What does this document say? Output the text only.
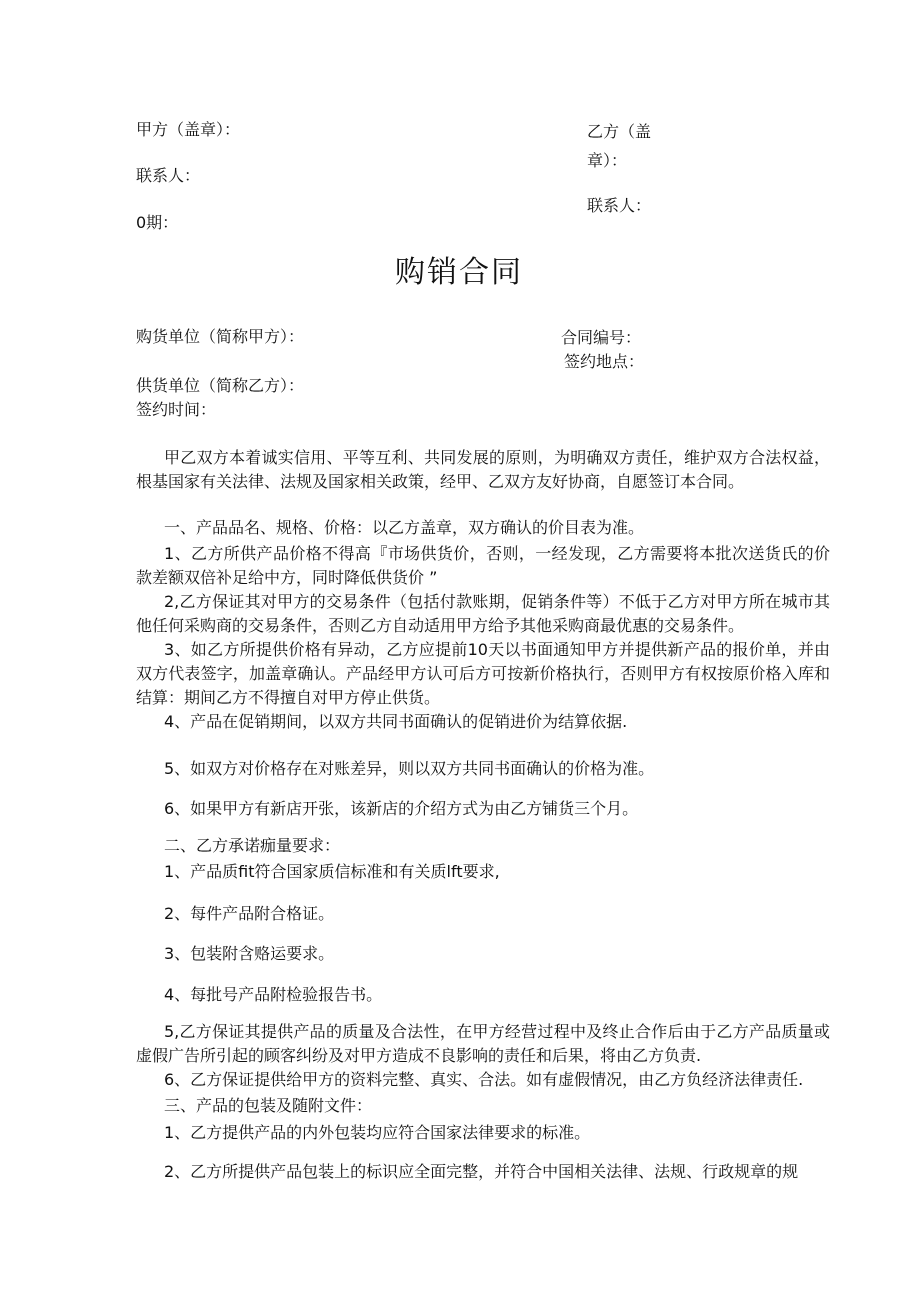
甲方（盖章）：
联系人：
0期：
乙方（盖
章）：
联系人：
购销合同
购货单位（简称甲方）：	合同编号：
签约地点：
供货单位（简称乙方）：
签约时间：

甲乙双方本着诚实信用、平等互利、共同发展的原则，为明确双方责任，维护双方合法权益，根基国家有关法律、法规及国家相关政策，经甲、乙双方友好协商，自愿签订本合同。

一、产品品名、规格、价格：以乙方盖章，双方确认的价目表为准。

1、乙方所供产品价格不得高『市场供货价，否则，一经发现，乙方需要将本批次送货氏的价款差额双倍补足给中方，同时降低供货价 ”

2,乙方保证其对甲方的交易条件（包括付款账期，促销条件等）不低于乙方对甲方所在城市其他任何采购商的交易条件，否则乙方自动适用甲方给予其他采购商最优惠的交易条件。

3、如乙方所提供价格有异动，乙方应提前10天以书面通知甲方并提供新产品的报价单，并由双方代表签字，加盖章确认。产品经甲方认可后方可按新价格执行，否则甲方有权按原价格入库和结算：期间乙方不得擅自对甲方停止供货。

4、产品在促销期间，以双方共同书面确认的促销进价为结算依据.

5、如双方对价格存在对账差异，则以双方共同书面确认的价格为准。
6、如果甲方有新店开张，该新店的介绍方式为由乙方铺货三个月。
二、乙方承诺痂量要求：
1、产品质fit符合国家质信标准和有关质lft要求,
2、每件产品附合格证。
3、包装附含赂运要求。
4、每批号产品附检验报告书。

5,乙方保证其提供产品的质量及合法性，在甲方经营过程中及终止合作后由于乙方产品质量或虚假广告所引起的顾客纠纷及对甲方造成不良影响的责任和后果，将由乙方负责.

6、乙方保证提供给甲方的资料完整、真实、合法。如有虚假情况，由乙方负经济法律责任.

三、产品的包装及随附文件：
1、乙方提供产品的内外包装均应符合国家法律要求的标准。
2、乙方所提供产品包装上的标识应全面完整，并符合中国相关法律、法规、行政规章的规
